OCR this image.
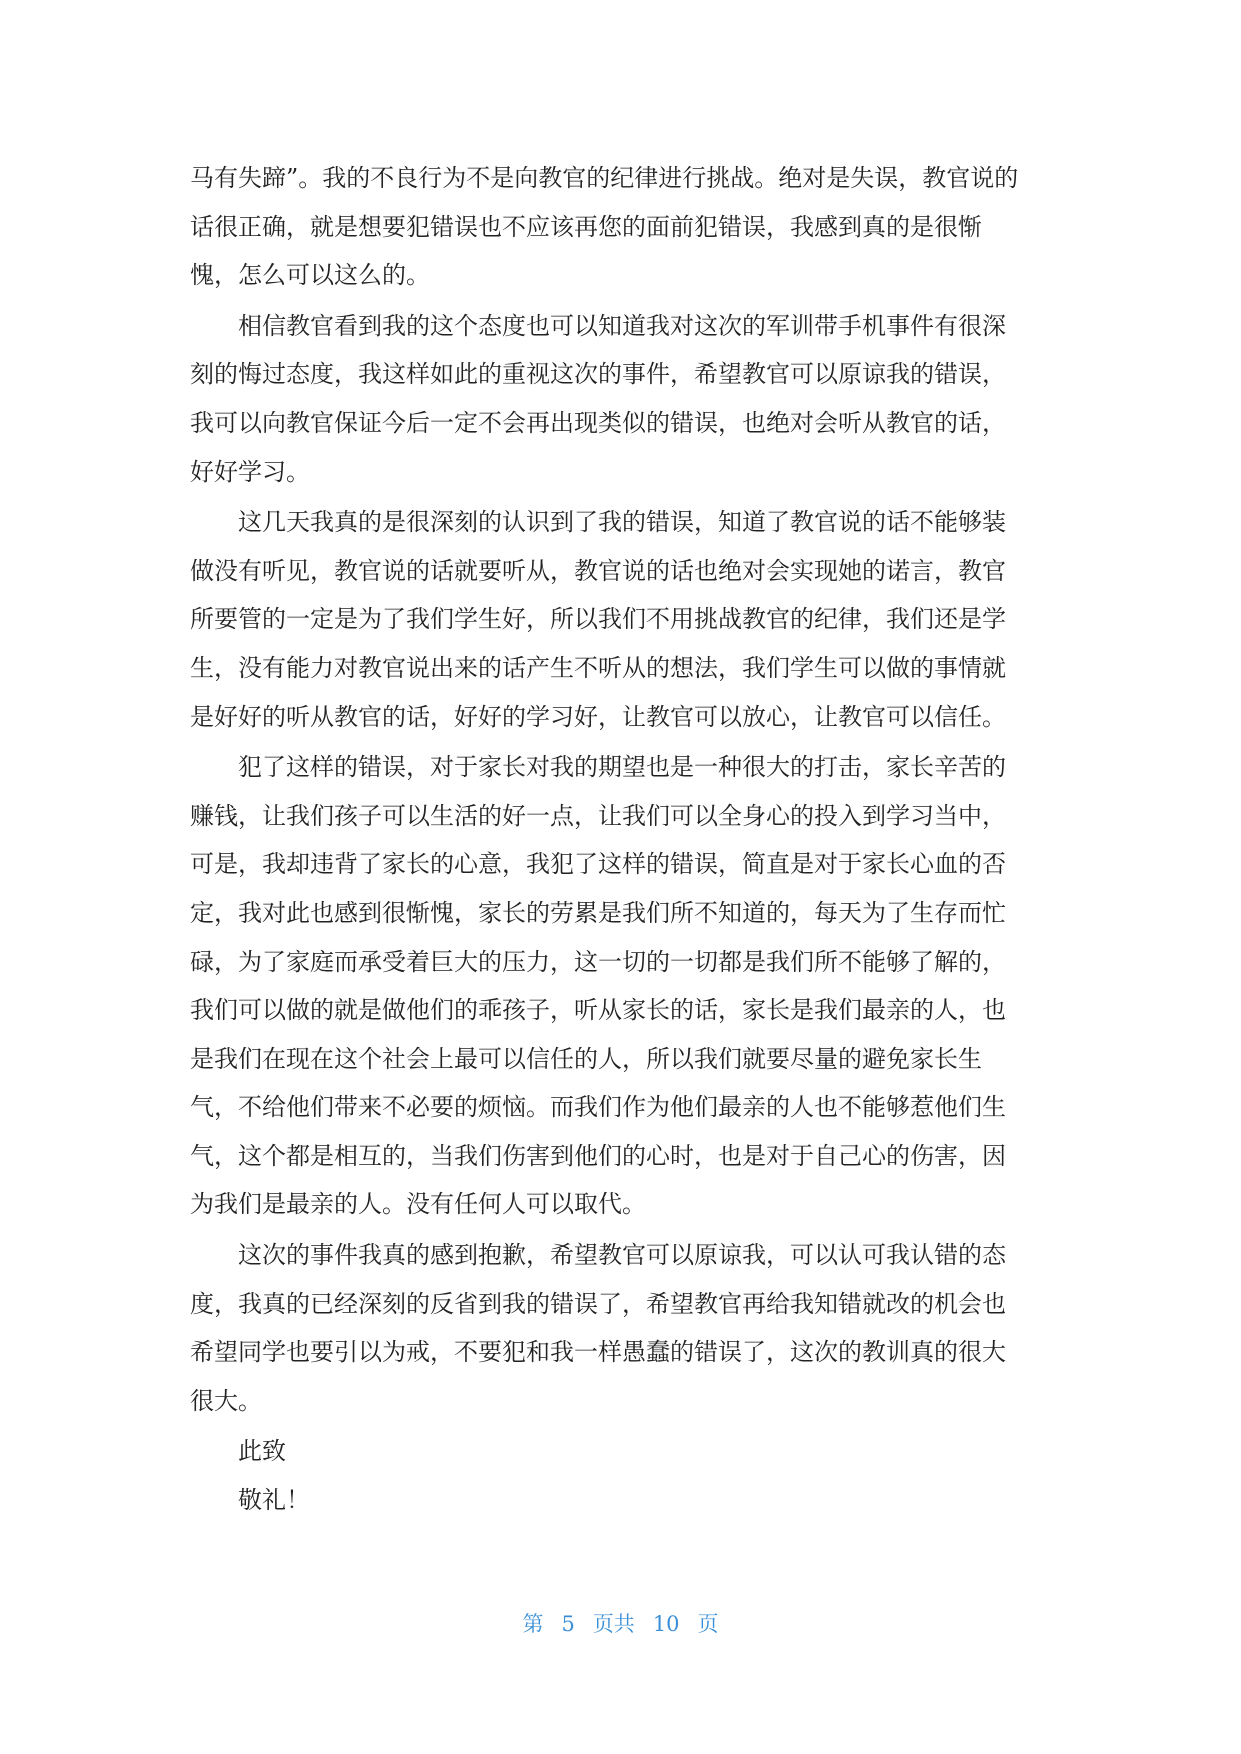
马有失蹄”。我的不良行为不是向教官的纪律进行挑战。绝对是失误，教官说的
话很正确，就是想要犯错误也不应该再您的面前犯错误，我感到真的是很惭
愧，怎么可以这么的。

相信教官看到我的这个态度也可以知道我对这次的军训带手机事件有很深
刻的悔过态度，我这样如此的重视这次的事件，希望教官可以原谅我的错误，
我可以向教官保证今后一定不会再出现类似的错误，也绝对会听从教官的话，
好好学习。

这几天我真的是很深刻的认识到了我的错误，知道了教官说的话不能够装
做没有听见，教官说的话就要听从，教官说的话也绝对会实现她的诺言，教官
所要管的一定是为了我们学生好，所以我们不用挑战教官的纪律，我们还是学
生，没有能力对教官说出来的话产生不听从的想法，我们学生可以做的事情就
是好好的听从教官的话，好好的学习好，让教官可以放心，让教官可以信任。

犯了这样的错误，对于家长对我的期望也是一种很大的打击，家长辛苦的
赚钱，让我们孩子可以生活的好一点，让我们可以全身心的投入到学习当中，
可是，我却违背了家长的心意，我犯了这样的错误，简直是对于家长心血的否
定，我对此也感到很惭愧，家长的劳累是我们所不知道的，每天为了生存而忙
碌，为了家庭而承受着巨大的压力，这一切的一切都是我们所不能够了解的，
我们可以做的就是做他们的乖孩子，听从家长的话，家长是我们最亲的人，也
是我们在现在这个社会上最可以信任的人，所以我们就要尽量的避免家长生
气，不给他们带来不必要的烦恼。而我们作为他们最亲的人也不能够惹他们生
气，这个都是相互的，当我们伤害到他们的心时，也是对于自己心的伤害，因
为我们是最亲的人。没有任何人可以取代。

这次的事件我真的感到抱歉，希望教官可以原谅我，可以认可我认错的态
度，我真的已经深刻的反省到我的错误了，希望教官再给我知错就改的机会也
希望同学也要引以为戒，不要犯和我一样愚蠢的错误了，这次的教训真的很大
很大。

此致

敬礼！

第 5 页共 10 页
